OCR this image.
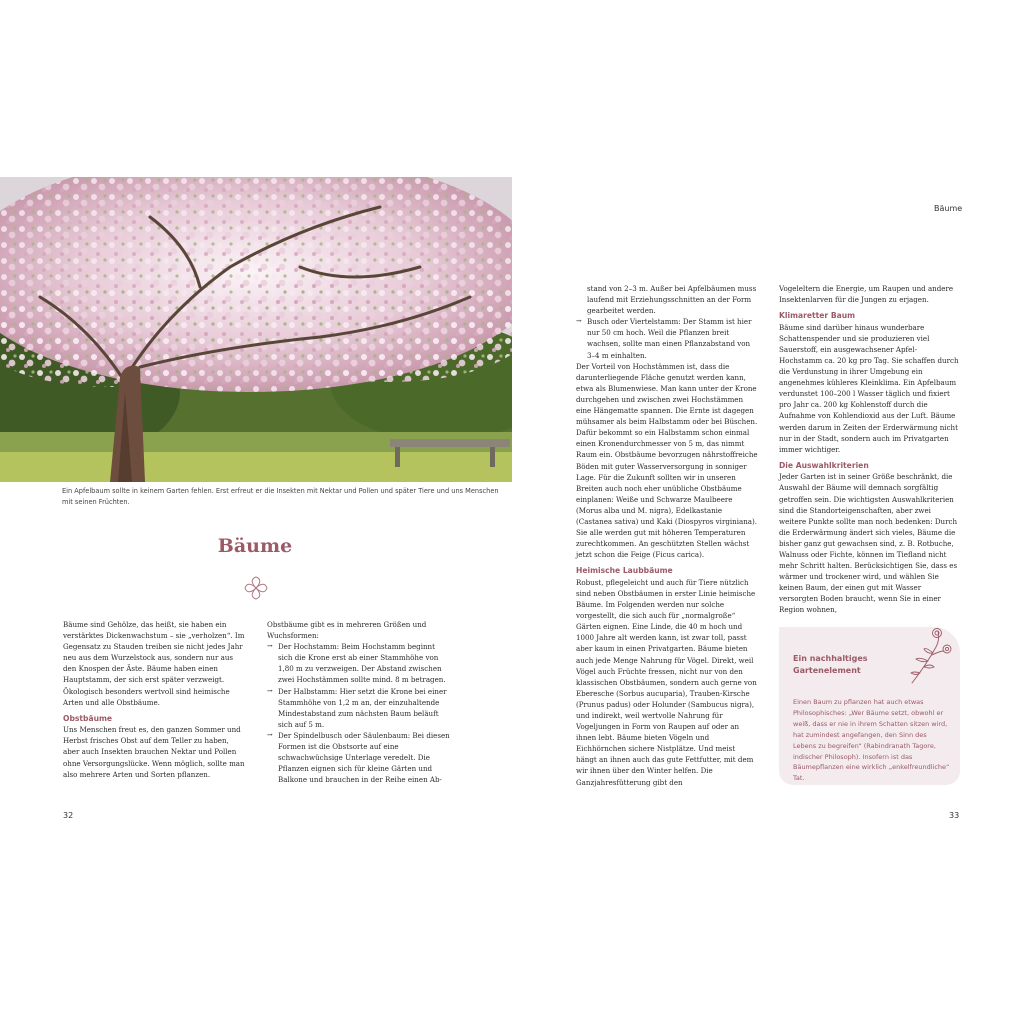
Ein Apfelbaum sollte in keinem Garten fehlen. Erst erfreut er die Insekten mit Nektar und Pollen und später Tiere und uns Menschen mit seinen Früchten.
Bäume

Bäume sind Gehölze, das heißt, sie haben ein verstärktes Dickenwachstum – sie „verholzen“. Im Gegensatz zu Stauden treiben sie nicht jedes Jahr neu aus dem Wurzelstock aus, sondern nur aus den Knospen der Äste. Bäume haben einen Hauptstamm, der sich erst später verzweigt. Ökologisch besonders wertvoll sind heimische Arten und alle Obstbäume.

Obstbäume

Uns Menschen freut es, den ganzen Sommer und Herbst frisches Obst auf dem Teller zu haben, aber auch Insekten brauchen Nektar und Pollen ohne Versorgungslücke. Wenn möglich, sollte man also mehrere Arten und Sorten pflanzen.

Obstbäume gibt es in mehreren Größen und Wuchsformen:

→ Der Hochstamm: Beim Hochstamm beginnt sich die Krone erst ab einer Stammhöhe von 1,80 m zu verzweigen. Der Abstand zwischen zwei Hochstämmen sollte mind. 8 m betragen.

→ Der Halbstamm: Hier setzt die Krone bei einer Stammhöhe von 1,2 m an, der einzuhaltende Mindestabstand zum nächsten Baum beläuft sich auf 5 m.

→ Der Spindelbusch oder Säulenbaum: Bei diesen Formen ist die Obstsorte auf eine schwachwüchsige Unterlage veredelt. Die Pflanzen eignen sich für kleine Gärten und Balkone und brauchen in der Reihe einen Ab-

32
Bäume

stand von 2–3 m. Außer bei Apfelbäumen muss laufend mit Erziehungsschnitten an der Form gearbeitet werden.

→ Busch oder Viertelstamm: Der Stamm ist hier nur 50 cm hoch. Weil die Pflanzen breit wachsen, sollte man einen Pflanzabstand von 3–4 m einhalten.

Der Vorteil von Hochstämmen ist, dass die darunterliegende Fläche genutzt werden kann, etwa als Blumenwiese. Man kann unter der Krone durchgehen und zwischen zwei Hochstämmen eine Hängematte spannen. Die Ernte ist dagegen mühsamer als beim Halbstamm oder bei Büschen. Dafür bekommt so ein Halbstamm schon einmal einen Kronendurchmesser von 5 m, das nimmt Raum ein. Obstbäume bevorzugen nährstoffreiche Böden mit guter Wasserversorgung in sonniger Lage. Für die Zukunft sollten wir in unseren Breiten auch noch eher unübliche Obstbäume einplanen: Weiße und Schwarze Maulbeere (Morus alba und M. nigra), Edelkastanie (Castanea sativa) und Kaki (Diospyros virginiana). Sie alle werden gut mit höheren Temperaturen zurechtkommen. An geschützten Stellen wächst jetzt schon die Feige (Ficus carica).

Heimische Laubbäume

Robust, pflegeleicht und auch für Tiere nützlich sind neben Obstbäumen in erster Linie heimische Bäume. Im Folgenden werden nur solche vorgestellt, die sich auch für „normalgroße“ Gärten eignen. Eine Linde, die 40 m hoch und 1000 Jahre alt werden kann, ist zwar toll, passt aber kaum in einen Privatgarten. Bäume bieten auch jede Menge Nahrung für Vögel. Direkt, weil Vögel auch Früchte fressen, nicht nur von den klassischen Obstbäumen, sondern auch gerne von Eberesche (Sorbus aucuparia), Trauben-Kirsche (Prunus padus) oder Holunder (Sambucus nigra), und indirekt, weil wertvolle Nahrung für Vogeljungen in Form von Raupen auf oder an ihnen lebt. Bäume bieten Vögeln und Eichhörnchen sichere Nistplätze. Und meist hängt an ihnen auch das gute Fettfutter, mit dem wir ihnen über den Winter helfen. Die Ganzjahresfütterung gibt den

Vogeleltern die Energie, um Raupen und andere Insektenlarven für die Jungen zu erjagen.

Klimaretter Baum

Bäume sind darüber hinaus wunderbare Schattenspender und sie produzieren viel Sauerstoff, ein ausgewachsener Apfel-Hochstamm ca. 20 kg pro Tag. Sie schaffen durch die Verdunstung in ihrer Umgebung ein angenehmes kühleres Kleinklima. Ein Apfelbaum verdunstet 100–200 l Wasser täglich und fixiert pro Jahr ca. 200 kg Kohlenstoff durch die Aufnahme von Kohlendioxid aus der Luft. Bäume werden darum in Zeiten der Erderwärmung nicht nur in der Stadt, sondern auch im Privatgarten immer wichtiger.

Die Auswahlkriterien

Jeder Garten ist in seiner Größe beschränkt, die Auswahl der Bäume will demnach sorgfältig getroffen sein. Die wichtigsten Auswahlkriterien sind die Standorteigenschaften, aber zwei weitere Punkte sollte man noch bedenken: Durch die Erderwärmung ändert sich vieles, Bäume die bisher ganz gut gewachsen sind, z. B. Rotbuche, Walnuss oder Fichte, können im Tiefland nicht mehr Schritt halten. Berücksichtigen Sie, dass es wärmer und trockener wird, und wählen Sie keinen Baum, der einen gut mit Wasser versorgten Boden braucht, wenn Sie in einer Region wohnen,

Ein nachhaltiges Gartenelement

Einen Baum zu pflanzen hat auch etwas Philosophisches: „Wer Bäume setzt, obwohl er weiß, dass er nie in ihrem Schatten sitzen wird, hat zumindest angefangen, den Sinn des Lebens zu begreifen“ (Rabindranath Tagore, indischer Philosoph). Insofern ist das Bäumepflanzen eine wirklich „enkelfreundliche“ Tat.

33
